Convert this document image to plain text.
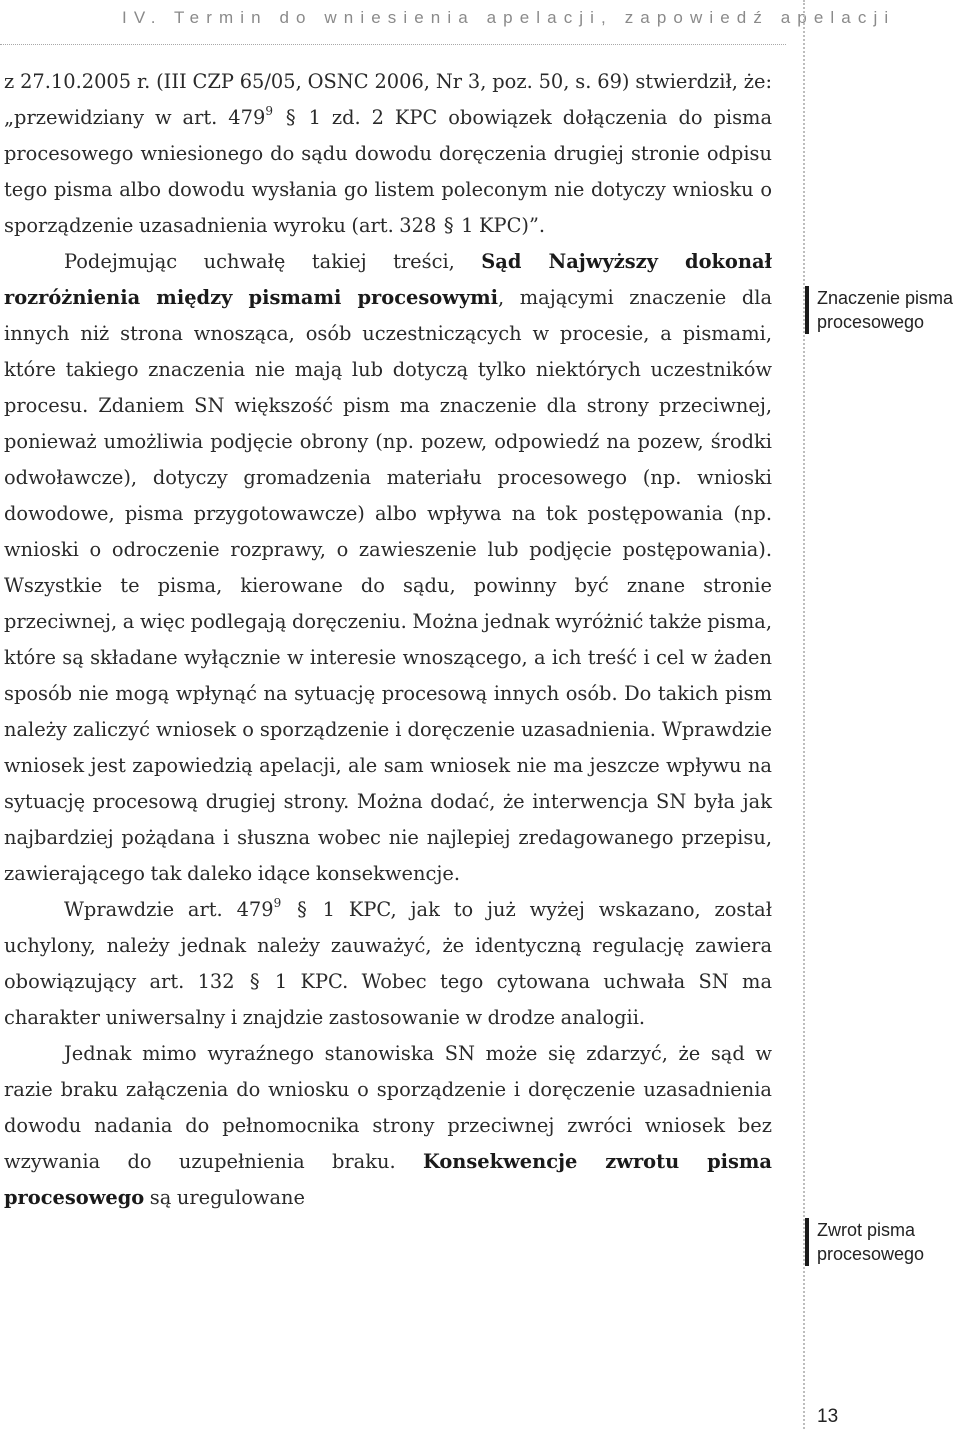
IV. Termin do wniesienia apelacji, zapowiedź apelacji

z 27.10.2005 r. (III CZP 65/05, OSNC 2006, Nr 3, poz. 50, s. 69) stwierdził, że: „przewidziany w art. $479^9$ § 1 zd. 2 KPC obowiązek dołączenia do pisma procesowego wniesionego do sądu dowodu doręczenia drugiej stronie odpisu tego pisma albo dowodu wysłania go listem poleconym nie dotyczy wniosku o sporządzenie uzasadnienia wyroku (art. 328 § 1 KPC)”.

Podejmując uchwałę takiej treści, Sąd Najwyższy dokonał rozróżnienia między pismami procesowymi, mającymi znaczenie dla innych niż strona wnosząca, osób uczestniczących w procesie, a pismami, które takiego znaczenia nie mają lub dotyczą tylko niektórych uczestników procesu. Zdaniem SN większość pism ma znaczenie dla strony przeciwnej, ponieważ umożliwia podjęcie obrony (np. pozew, odpowiedź na pozew, środki odwoławcze), dotyczy gromadzenia materiału procesowego (np. wnioski dowodowe, pisma przygotowawcze) albo wpływa na tok postępowania (np. wnioski o odroczenie rozprawy, o zawieszenie lub podjęcie postępowania). Wszystkie te pisma, kierowane do sądu, powinny być znane stronie przeciwnej, a więc podlegają doręczeniu. Można jednak wyróżnić także pisma, które są składane wyłącznie w interesie wnoszącego, a ich treść i cel w żaden sposób nie mogą wpłynąć na sytuację procesową innych osób. Do takich pism należy zaliczyć wniosek o sporządzenie i doręczenie uzasadnienia. Wprawdzie wniosek jest zapowiedzią apelacji, ale sam wniosek nie ma jeszcze wpływu na sytuację procesową drugiej strony. Można dodać, że interwencja SN była jak najbardziej pożądana i słuszna wobec nie najlepiej zredagowanego przepisu, zawierającego tak daleko idące konsekwencje.

Wprawdzie art. $479^9$ § 1 KPC, jak to już wyżej wskazano, został uchylony, należy jednak należy zauważyć, że identyczną regulację zawiera obowiązujący art. 132 § 1 KPC. Wobec tego cytowana uchwała SN ma charakter uniwersalny i znajdzie zastosowanie w drodze analogii.

Jednak mimo wyraźnego stanowiska SN może się zdarzyć, że sąd w razie braku załączenia do wniosku o sporządzenie i doręczenie uzasadnienia dowodu nadania do pełnomocnika strony przeciwnej zwróci wniosek bez wzywania do uzupełnienia braku. Konsekwencje zwrotu pisma procesowego są uregulowane

Znaczenie pisma procesowego
Zwrot pisma procesowego
13
